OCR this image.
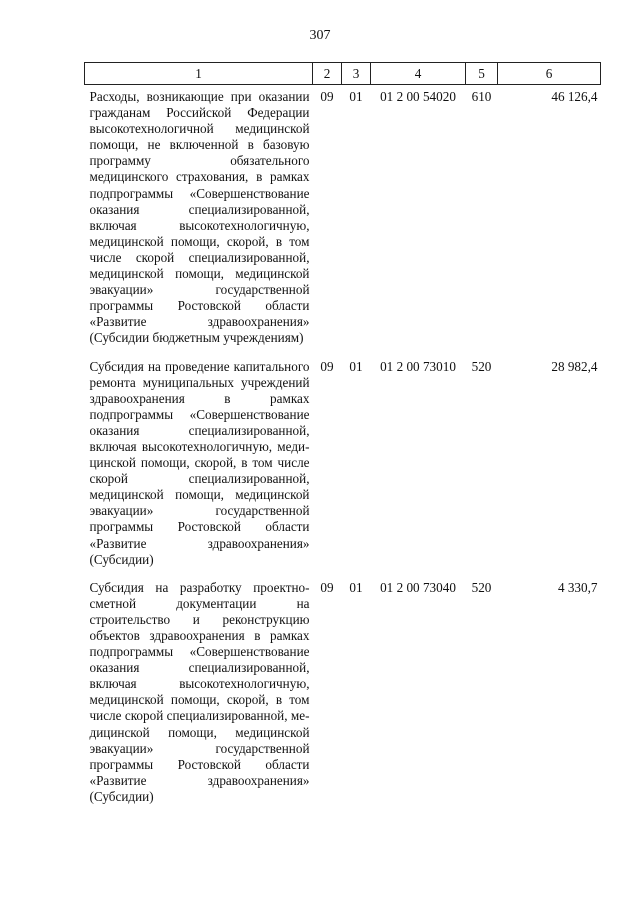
307
1	2	3	4	5	6
Расходы, возникающие при оказании гражданам Российской Федерации высокотехнологичной медицинской помощи, не включенной в базовую программу обязательного медицинского страхования, в рамках подпрограммы «Совершенствование оказания специализированной, включая высокотехнологичную, медицинской помощи, скорой, в том числе скорой специализированной, медицинской помощи, медицинской эвакуации» государственной программы Ростовской области «Развитие здравоохранения» (Субсидии бюджетным учреждениям)	09	01	01 2 00 54020	610	46 126,4
Субсидия на проведение капитального ремонта муниципальных учреждений здравоохранения в рамках подпрограммы «Совершенствование оказания специализированной, включая высокотехнологичную, медицинской помощи, скорой, в том числе скорой специализированной, медицинской помощи, медицинской эвакуации» государственной программы Ростовской области «Развитие здравоохранения» (Субсидии)	09	01	01 2 00 73010	520	28 982,4
Субсидия на разработку проектно-сметной документации на строительство и реконструкцию объектов здравоохранения в рамках подпрограммы «Совершенствование оказания специализированной, включая высокотехнологичную, медицинской помощи, скорой, в том числе скорой специализированной, медицинской помощи, медицинской эвакуации» государственной программы Ростовской области «Развитие здравоохранения» (Субсидии)	09	01	01 2 00 73040	520	4 330,7
